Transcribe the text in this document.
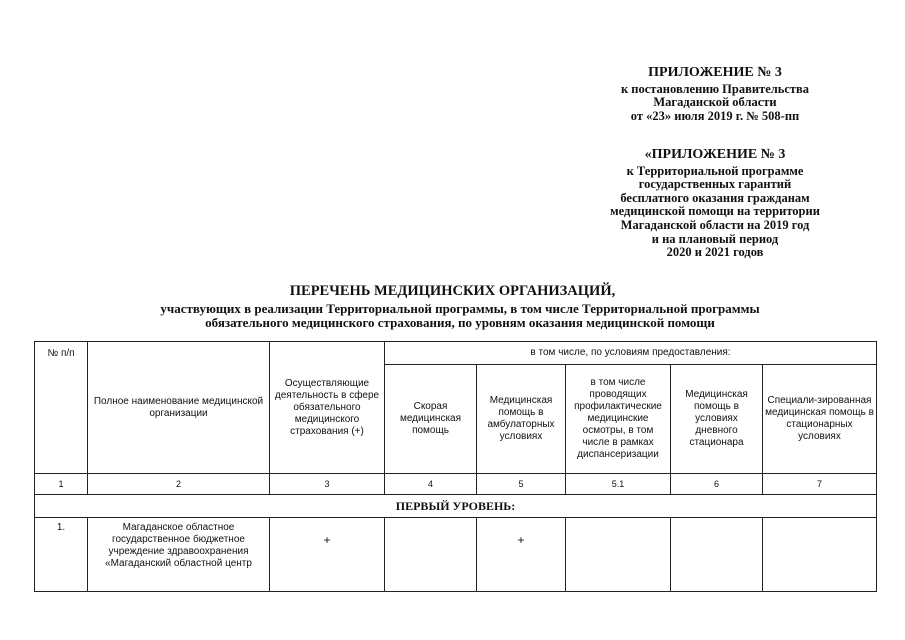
ПРИЛОЖЕНИЕ № 3
к постановлению Правительства
Магаданской области
от «23» июля 2019 г. № 508-пп
«ПРИЛОЖЕНИЕ № 3
к Территориальной программе
государственных гарантий
бесплатного оказания гражданам
медицинской помощи на территории
Магаданской области на 2019 год
и на плановый период
2020 и 2021 годов
ПЕРЕЧЕНЬ МЕДИЦИНСКИХ ОРГАНИЗАЦИЙ,
участвующих в реализации Территориальной программы, в том числе Территориальной программы
обязательного медицинского страхования, по уровням оказания медицинской помощи
№ п/п	Полное наименование медицинской организации	Осуществляющие деятельность в сфере обязательного медицинского страхования (+)	в том числе, по условиям предоставления:				
			Скорая медицинская помощь	Медицинская помощь в амбулаторных условиях	в том числе проводящих профилактические медицинские осмотры, в том числе в рамках диспансеризации	Медицинская помощь в условиях дневного стационара	Специали-зированная медицинская помощь в стационарных условиях
1	2	3	4	5	5.1	6	7
ПЕРВЫЙ УРОВЕНЬ:							
1.	Магаданское областное государственное бюджетное учреждение здравоохранения «Магаданский областной центр	+		+			
